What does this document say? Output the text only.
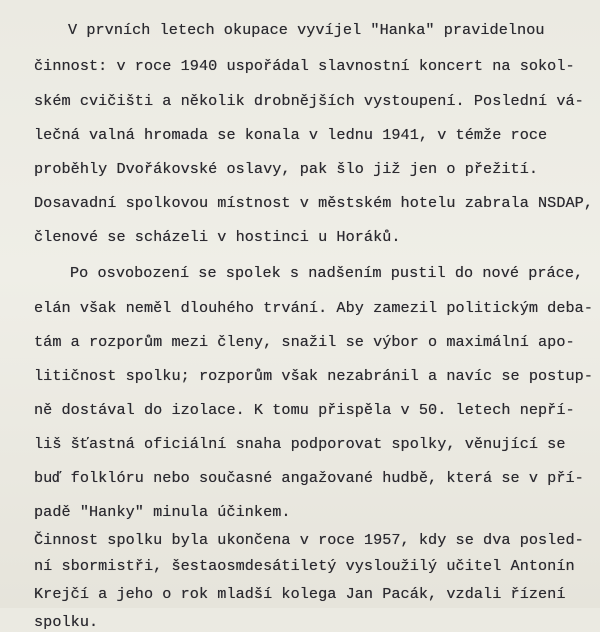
V prvních letech okupace vyvíjel "Hanka" pravidelnou
činnost: v roce 1940 uspořádal slavnostní koncert na sokol-
ském cvičišti a několik drobnějších vystoupení. Poslední vá-
lečná valná hromada se konala v lednu 1941, v témže roce
proběhly Dvořákovské oslavy, pak šlo již jen o přežití.
Dosavadní spolkovou místnost v městském hotelu zabrala NSDAP,
členové se scházeli v hostinci u Horáků.
Po osvobození se spolek s nadšením pustil do nové práce,
elán však neměl dlouhého trvání. Aby zamezil politickým deba-
tám a rozporům mezi členy, snažil se výbor o maximální apo-
litičnost spolku; rozporům však nezabránil a navíc se postup-
ně dostával do izolace. K tomu přispěla v 50. letech nepří-
liš šťastná oficiální snaha podporovat spolky, věnující se
buď folklóru nebo současné angažované hudbě, která se v pří-
padě "Hanky" minula účinkem.
Činnost spolku byla ukončena v roce 1957, kdy se dva posled-
ní sbormistři, šestaosmdesátiletý vysloužilý učitel Antonín
Krejčí a jeho o rok mladší kolega Jan Pacák, vzdali řízení
spolku.
